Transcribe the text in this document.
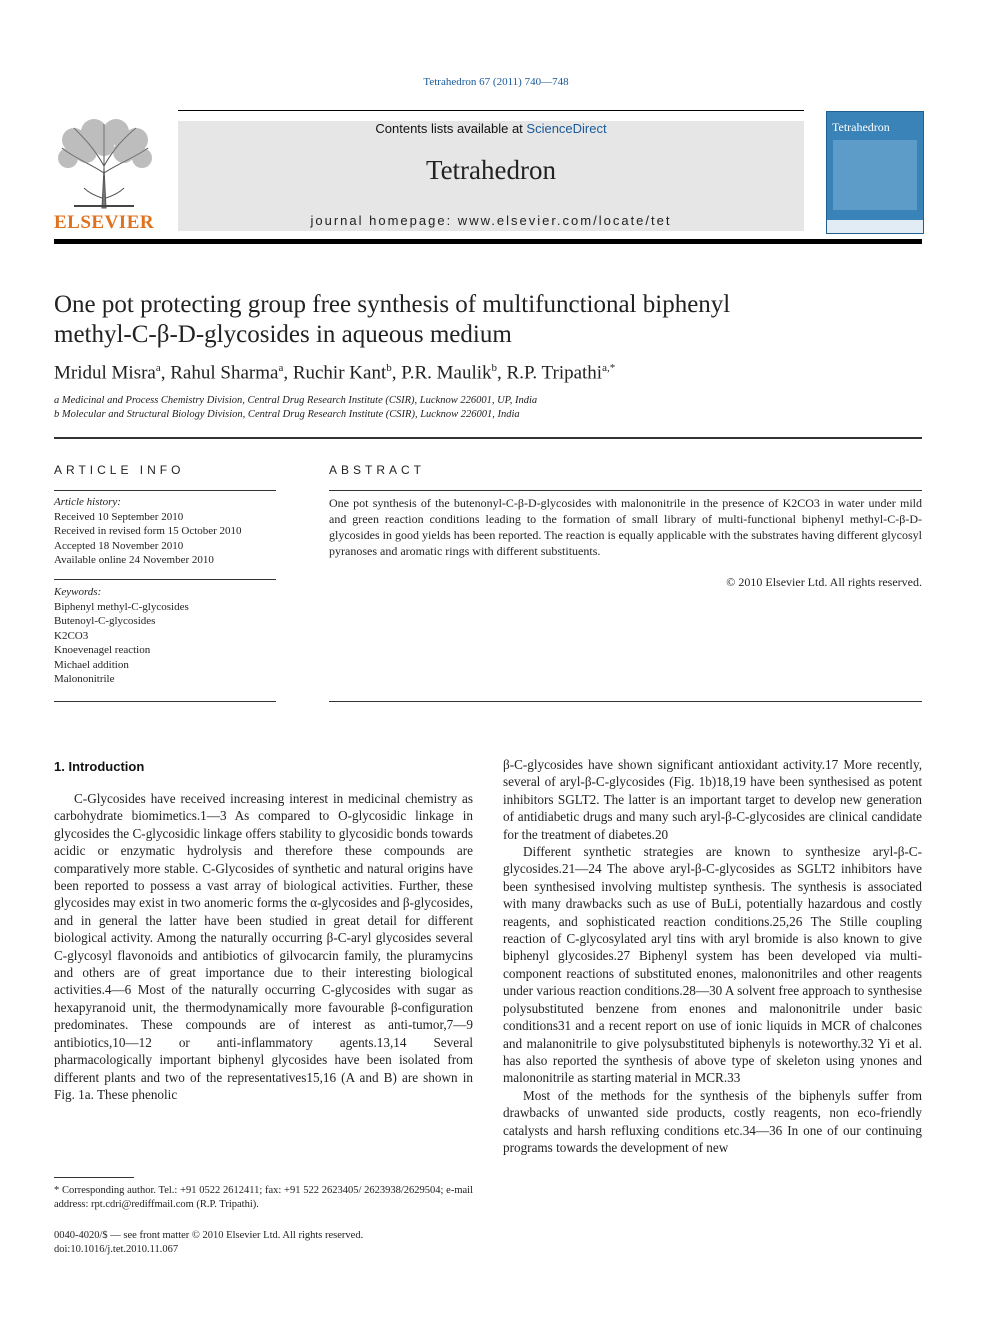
Tetrahedron 67 (2011) 740—748
ELSEVIER
Contents lists available at ScienceDirect
Tetrahedron
journal homepage: www.elsevier.com/locate/tet
Tetrahedron
One pot protecting group free synthesis of multifunctional biphenyl
methyl-C-β-D-glycosides in aqueous medium
Mridul Misra$^a$, Rahul Sharma$^a$, Ruchir Kant$^b$, P.R. Maulik$^b$, R.P. Tripathi$^{a,*}$
a Medicinal and Process Chemistry Division, Central Drug Research Institute (CSIR), Lucknow 226001, UP, India
b Molecular and Structural Biology Division, Central Drug Research Institute (CSIR), Lucknow 226001, India
ARTICLE INFO
Article history:
Received 10 September 2010
Received in revised form 15 October 2010
Accepted 18 November 2010
Available online 24 November 2010
Keywords:
Biphenyl methyl-C-glycosides
Butenoyl-C-glycosides
K2CO3
Knoevenagel reaction
Michael addition
Malononitrile
ABSTRACT
One pot synthesis of the butenonyl-C-β-D-glycosides with malononitrile in the presence of K2CO3 in water under mild and green reaction conditions leading to the formation of small library of multi-functional biphenyl methyl-C-β-D-glycosides in good yields has been reported. The reaction is equally applicable with the substrates having different glycosyl pyranoses and aromatic rings with different substituents.
© 2010 Elsevier Ltd. All rights reserved.
1. Introduction

C-Glycosides have received increasing interest in medicinal chemistry as carbohydrate biomimetics.1—3 As compared to O-glycosidic linkage in glycosides the C-glycosidic linkage offers stability to glycosidic bonds towards acidic or enzymatic hydrolysis and therefore these compounds are comparatively more stable. C-Glycosides of synthetic and natural origins have been reported to possess a vast array of biological activities. Further, these glycosides may exist in two anomeric forms the α-glycosides and β-glycosides, and in general the latter have been studied in great detail for different biological activity. Among the naturally occurring β-C-aryl glycosides several C-glycosyl flavonoids and antibiotics of gilvocarcin family, the pluramycins and others are of great importance due to their interesting biological activities.4—6 Most of the naturally occurring C-glycosides with sugar as hexapyranoid unit, the thermodynamically more favourable β-configuration predominates. These compounds are of interest as anti-tumor,7—9 antibiotics,10—12 or anti-inflammatory agents.13,14 Several pharmacologically important biphenyl glycosides have been isolated from different plants and two of the representatives15,16 (A and B) are shown in Fig. 1a. These phenolic

β-C-glycosides have shown significant antioxidant activity.17 More recently, several of aryl-β-C-glycosides (Fig. 1b)18,19 have been synthesised as potent inhibitors SGLT2. The latter is an important target to develop new generation of antidiabetic drugs and many such aryl-β-C-glycosides are clinical candidate for the treatment of diabetes.20

Different synthetic strategies are known to synthesize aryl-β-C-glycosides.21—24 The above aryl-β-C-glycosides as SGLT2 inhibitors have been synthesised involving multistep synthesis. The synthesis is associated with many drawbacks such as use of BuLi, potentially hazardous and costly reagents, and sophisticated reaction conditions.25,26 The Stille coupling reaction of C-glycosylated aryl tins with aryl bromide is also known to give biphenyl glycosides.27 Biphenyl system has been developed via multi-component reactions of substituted enones, malononitriles and other reagents under various reaction conditions.28—30 A solvent free approach to synthesise polysubstituted benzene from enones and malononitrile under basic conditions31 and a recent report on use of ionic liquids in MCR of chalcones and malanonitrile to give polysubstituted biphenyls is noteworthy.32 Yi et al. has also reported the synthesis of above type of skeleton using ynones and malononitrile as starting material in MCR.33

Most of the methods for the synthesis of the biphenyls suffer from drawbacks of unwanted side products, costly reagents, non eco-friendly catalysts and harsh refluxing conditions etc.34—36 In one of our continuing programs towards the development of new

* Corresponding author. Tel.: +91 0522 2612411; fax: +91 522 2623405/ 2623938/2629504; e-mail address: rpt.cdri@rediffmail.com (R.P. Tripathi).
0040-4020/$ — see front matter © 2010 Elsevier Ltd. All rights reserved.
doi:10.1016/j.tet.2010.11.067
